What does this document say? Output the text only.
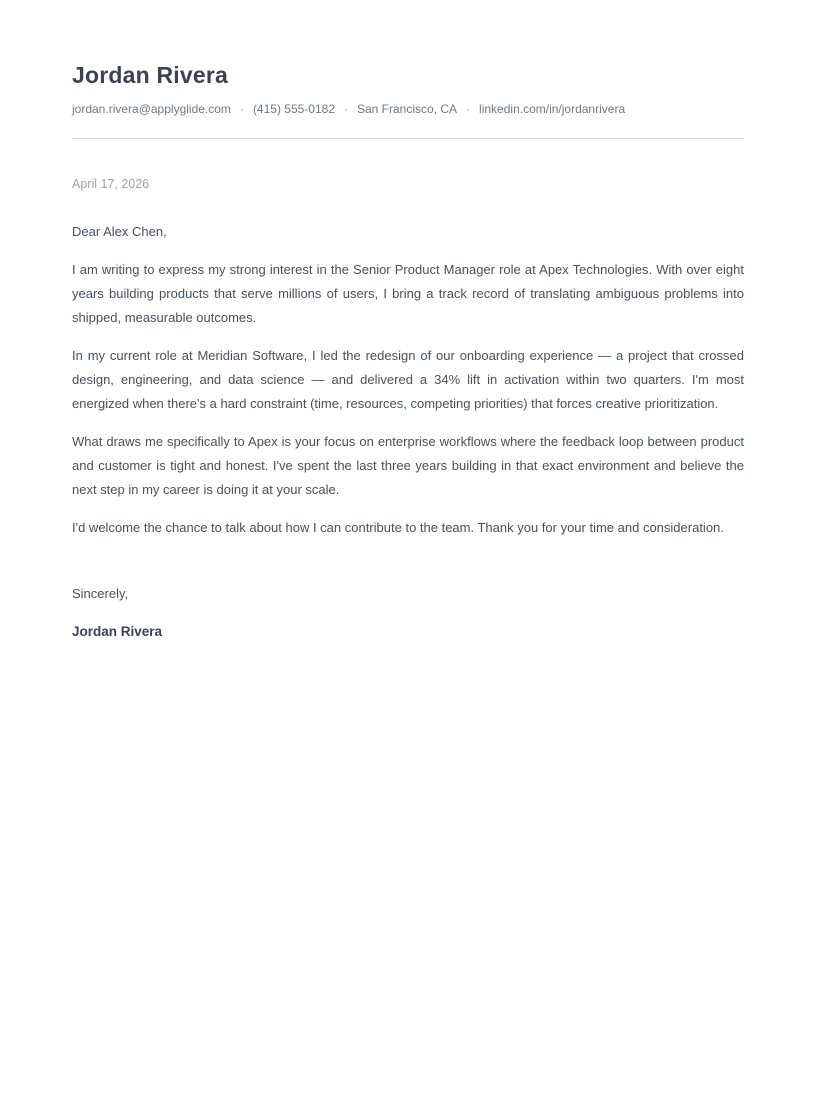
Jordan Rivera

jordan.rivera@applyglide.com · (415) 555-0182 · San Francisco, CA · linkedin.com/in/jordanrivera

April 17, 2026

Dear Alex Chen,

I am writing to express my strong interest in the Senior Product Manager role at Apex Technologies. With over eight years building products that serve millions of users, I bring a track record of translating ambiguous problems into shipped, measurable outcomes.

In my current role at Meridian Software, I led the redesign of our onboarding experience — a project that crossed design, engineering, and data science — and delivered a 34% lift in activation within two quarters. I'm most energized when there's a hard constraint (time, resources, competing priorities) that forces creative prioritization.

What draws me specifically to Apex is your focus on enterprise workflows where the feedback loop between product and customer is tight and honest. I've spent the last three years building in that exact environment and believe the next step in my career is doing it at your scale.

I'd welcome the chance to talk about how I can contribute to the team. Thank you for your time and consideration.

Sincerely,

Jordan Rivera
